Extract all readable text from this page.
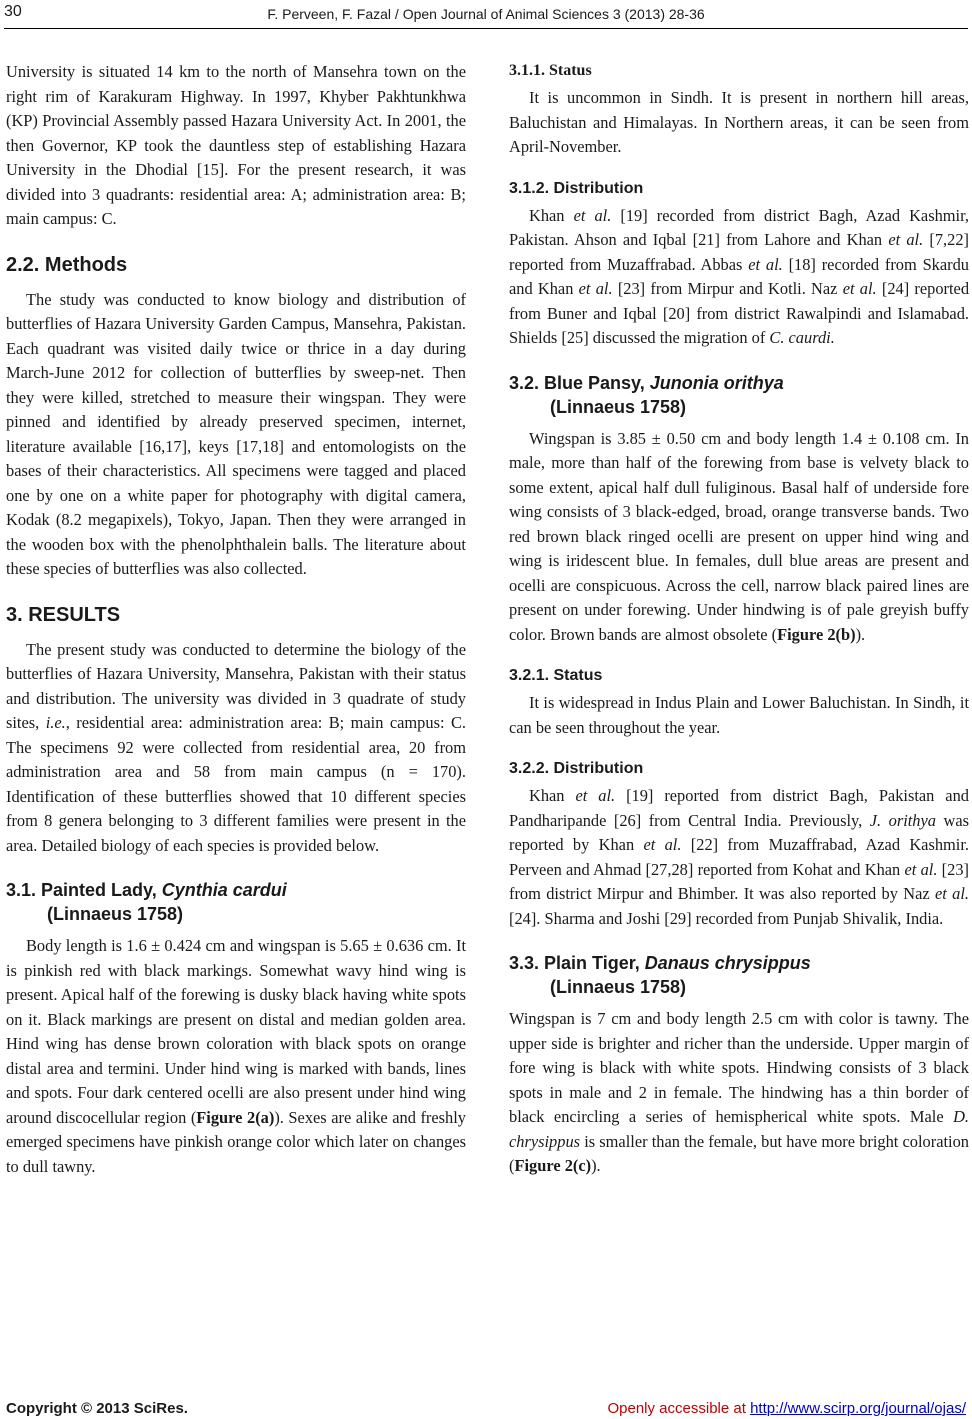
30	F. Perveen, F. Fazal / Open Journal of Animal Sciences 3 (2013) 28-36

University is situated 14 km to the north of Mansehra town on the right rim of Karakuram Highway. In 1997, Khyber Pakhtunkhwa (KP) Provincial Assembly passed Hazara University Act. In 2001, the then Governor, KP took the dauntless step of establishing Hazara University in the Dhodial [15]. For the present research, it was divided into 3 quadrants: residential area: A; administration area: B; main campus: C.

2.2. Methods

The study was conducted to know biology and distribution of butterflies of Hazara University Garden Campus, Mansehra, Pakistan. Each quadrant was visited daily twice or thrice in a day during March-June 2012 for collection of butterflies by sweep-net. Then they were killed, stretched to measure their wingspan. They were pinned and identified by already preserved specimen, internet, literature available [16,17], keys [17,18] and entomologists on the bases of their characteristics. All specimens were tagged and placed one by one on a white paper for photography with digital camera, Kodak (8.2 megapixels), Tokyo, Japan. Then they were arranged in the wooden box with the phenolphthalein balls. The literature about these species of butterflies was also collected.

3. RESULTS

The present study was conducted to determine the biology of the butterflies of Hazara University, Mansehra, Pakistan with their status and distribution. The university was divided in 3 quadrate of study sites, i.e., residential area: administration area: B; main campus: C. The specimens 92 were collected from residential area, 20 from administration area and 58 from main campus (n = 170). Identification of these butterflies showed that 10 different species from 8 genera belonging to 3 different families were present in the area. Detailed biology of each species is provided below.

3.1. Painted Lady, Cynthia cardui
(Linnaeus 1758)

Body length is 1.6 ± 0.424 cm and wingspan is 5.65 ± 0.636 cm. It is pinkish red with black markings. Somewhat wavy hind wing is present. Apical half of the forewing is dusky black having white spots on it. Black markings are present on distal and median golden area. Hind wing has dense brown coloration with black spots on orange distal area and termini. Under hind wing is marked with bands, lines and spots. Four dark centered ocelli are also present under hind wing around discocellular region (Figure 2(a)). Sexes are alike and freshly emerged specimens have pinkish orange color which later on changes to dull tawny.

3.1.1. Status

It is uncommon in Sindh. It is present in northern hill areas, Baluchistan and Himalayas. In Northern areas, it can be seen from April-November.

3.1.2. Distribution

Khan et al. [19] recorded from district Bagh, Azad Kashmir, Pakistan. Ahson and Iqbal [21] from Lahore and Khan et al. [7,22] reported from Muzaffrabad. Abbas et al. [18] recorded from Skardu and Khan et al. [23] from Mirpur and Kotli. Naz et al. [24] reported from Buner and Iqbal [20] from district Rawalpindi and Islamabad. Shields [25] discussed the migration of C. caurdi.

3.2. Blue Pansy, Junonia orithya
(Linnaeus 1758)

Wingspan is 3.85 ± 0.50 cm and body length 1.4 ± 0.108 cm. In male, more than half of the forewing from base is velvety black to some extent, apical half dull fuliginous. Basal half of underside fore wing consists of 3 black-edged, broad, orange transverse bands. Two red brown black ringed ocelli are present on upper hind wing and wing is iridescent blue. In females, dull blue areas are present and ocelli are conspicuous. Across the cell, narrow black paired lines are present on under forewing. Under hindwing is of pale greyish buffy color. Brown bands are almost obsolete (Figure 2(b)).

3.2.1. Status

It is widespread in Indus Plain and Lower Baluchistan. In Sindh, it can be seen throughout the year.

3.2.2. Distribution

Khan et al. [19] reported from district Bagh, Pakistan and Pandharipande [26] from Central India. Previously, J. orithya was reported by Khan et al. [22] from Muzaffrabad, Azad Kashmir. Perveen and Ahmad [27,28] reported from Kohat and Khan et al. [23] from district Mirpur and Bhimber. It was also reported by Naz et al. [24]. Sharma and Joshi [29] recorded from Punjab Shivalik, India.

3.3. Plain Tiger, Danaus chrysippus
(Linnaeus 1758)

Wingspan is 7 cm and body length 2.5 cm with color is tawny. The upper side is brighter and richer than the underside. Upper margin of fore wing is black with white spots. Hindwing consists of 3 black spots in male and 2 in female. The hindwing has a thin border of black encircling a series of hemispherical white spots. Male D. chrysippus is smaller than the female, but have more bright coloration (Figure 2(c)).

Copyright © 2013 SciRes.	Openly accessible at http://www.scirp.org/journal/ojas/
